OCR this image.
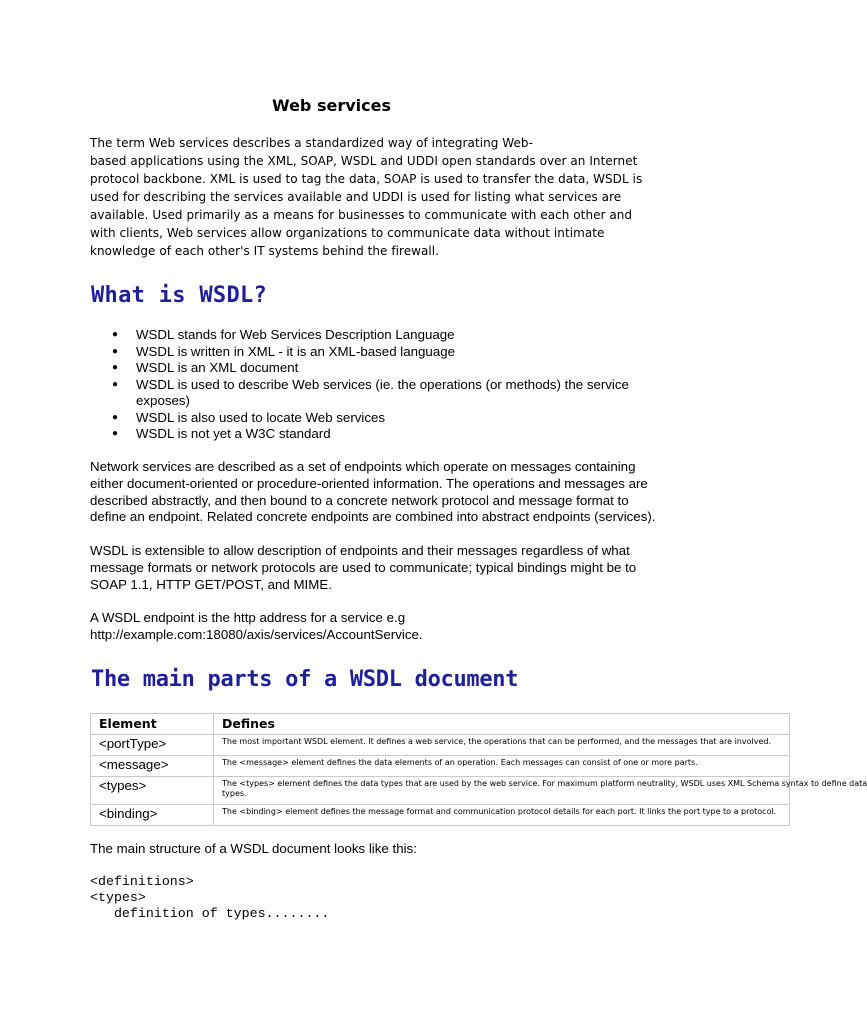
Web services

The term Web services describes a standardized way of integrating Web-
based applications using the XML, SOAP, WSDL and UDDI open standards over an Internet
protocol backbone. XML is used to tag the data, SOAP is used to transfer the data, WSDL is
used for describing the services available and UDDI is used for listing what services are
available. Used primarily as a means for businesses to communicate with each other and
with clients, Web services allow organizations to communicate data without intimate
knowledge of each other's IT systems behind the firewall.

What is WSDL?
● WSDL stands for Web Services Description Language
● WSDL is written in XML - it is an XML-based language
● WSDL is an XML document
● WSDL is used to describe Web services (ie. the operations (or methods) the service
exposes)
● WSDL is also used to locate Web services
● WSDL is not yet a W3C standard

Network services are described as a set of endpoints which operate on messages containing
either document-oriented or procedure-oriented information. The operations and messages are
described abstractly, and then bound to a concrete network protocol and message format to
define an endpoint. Related concrete endpoints are combined into abstract endpoints (services).

WSDL is extensible to allow description of endpoints and their messages regardless of what
message formats or network protocols are used to communicate; typical bindings might be to
SOAP 1.1, HTTP GET/POST, and MIME.

A WSDL endpoint is the http address for a service e.g
http://example.com:18080/axis/services/AccountService.

The main parts of a WSDL document
Element	Defines
<portType>	The most important WSDL element. It defines a web service, the operations that can be performed, and the messages that are involved.

<message>	The <message> element defines the data elements of an operation. Each messages can consist of one or more parts.

<types>	The <types> element defines the data types that are used by the web service. For maximum platform neutrality, WSDL uses XML Schema syntax to define data
types.

<binding>	The <binding> element defines the message format and communication protocol details for each port. It links the port type to a protocol.

The main structure of a WSDL document looks like this:

<definitions>
<types>
definition of types........
